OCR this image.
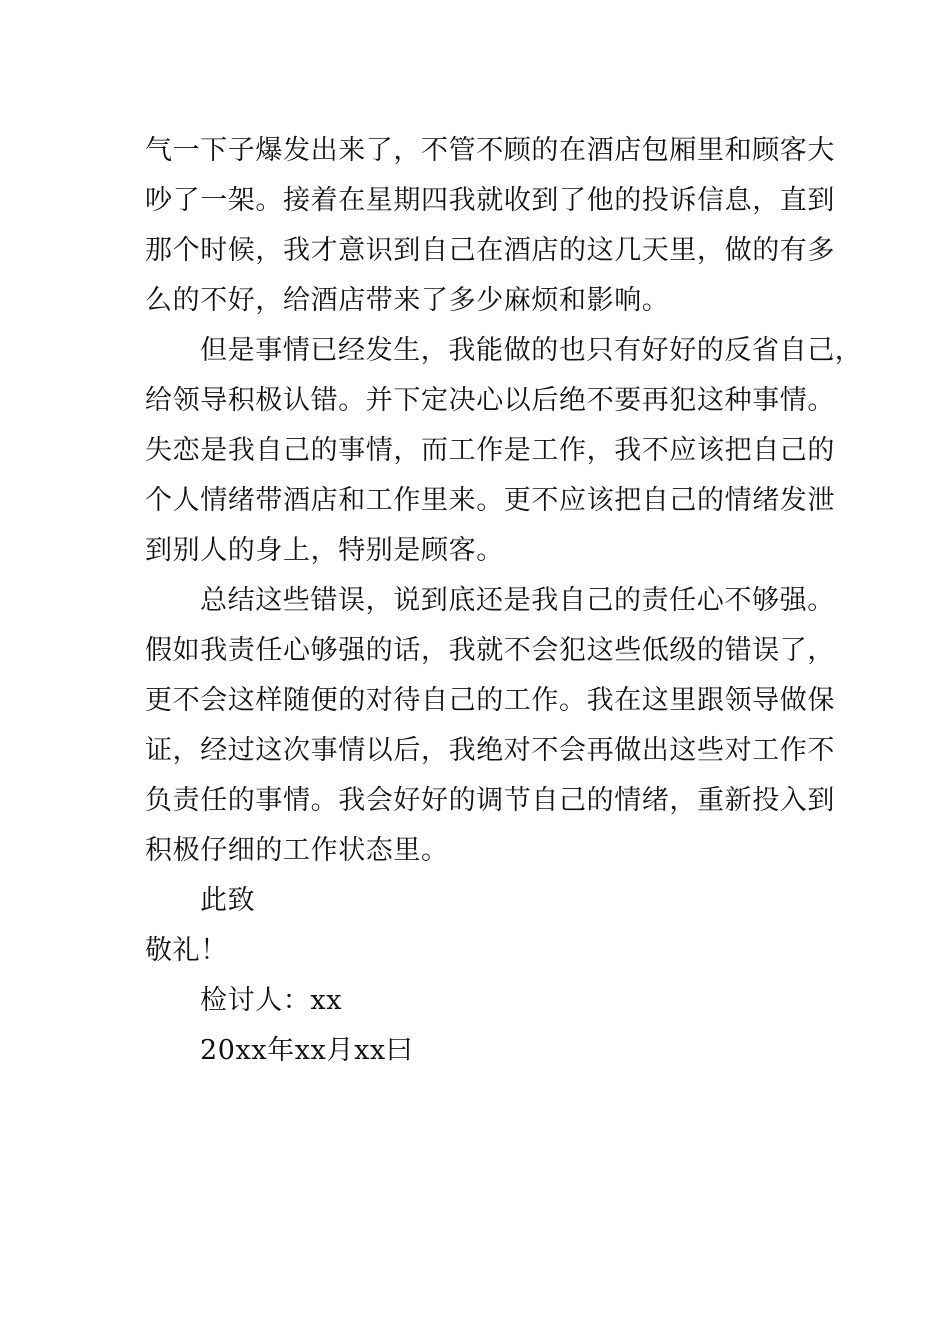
气一下子爆发出来了，不管不顾的在酒店包厢里和顾客大
吵了一架。接着在星期四我就收到了他的投诉信息，直到
那个时候，我才意识到自己在酒店的这几天里，做的有多
么的不好，给酒店带来了多少麻烦和影响。
但是事情已经发生，我能做的也只有好好的反省自己，
给领导积极认错。并下定决心以后绝不要再犯这种事情。
失恋是我自己的事情，而工作是工作，我不应该把自己的
个人情绪带酒店和工作里来。更不应该把自己的情绪发泄
到别人的身上，特别是顾客。
总结这些错误，说到底还是我自己的责任心不够强。
假如我责任心够强的话，我就不会犯这些低级的错误了，
更不会这样随便的对待自己的工作。我在这里跟领导做保
证，经过这次事情以后，我绝对不会再做出这些对工作不
负责任的事情。我会好好的调节自己的情绪，重新投入到
积极仔细的工作状态里。
此致
敬礼！
检讨人：xx
20xx年xx月xx曰
